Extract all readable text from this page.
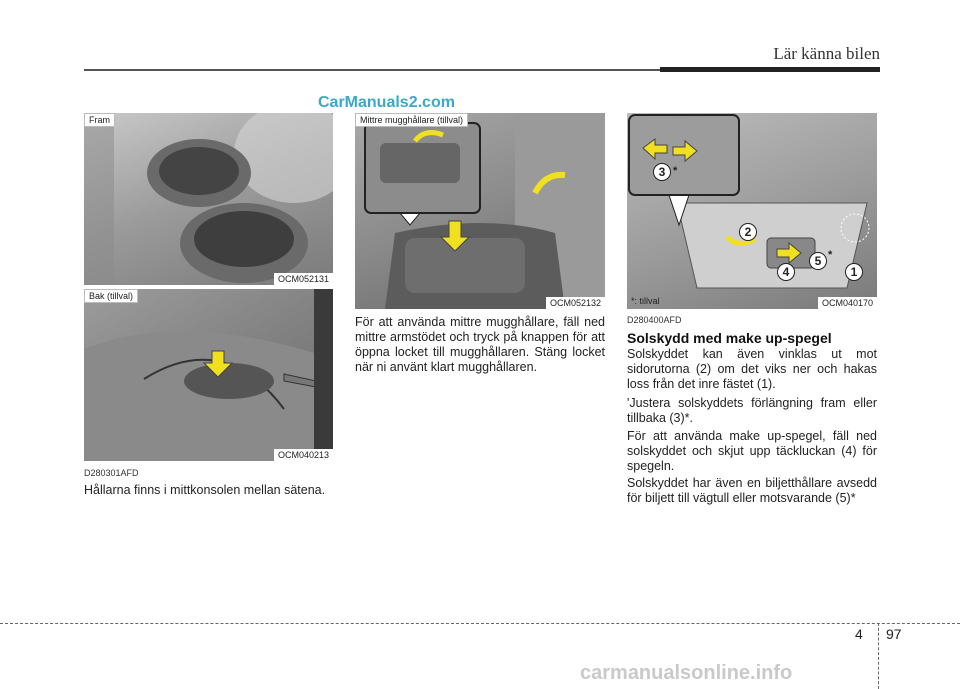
Lär känna bilen
CarManuals2.com
Fram
OCM052131
Bak (tillval)
OCM040213
Mittre mugghållare (tillval)
OCM052132
3 *
2
4
5 *
1
*: tillval	OCM040170
D280301AFD
Hållarna finns i mittkonsolen mellan sätena.
För att använda mittre mugghållare, fäll ned mittre armstödet och tryck på knappen för att öppna locket till mugghållaren. Stäng locket när ni använt klart mugghållaren.
D280400AFD
Solskydd med make up-spegel
Solskyddet kan även vinklas ut mot sidorutorna (2) om det viks ner och hakas loss från det inre fästet (1).
'Justera solskyddets förlängning fram eller tillbaka (3)*.
För att använda make up-spegel, fäll ned solskyddet och skjut upp täckluckan (4) för spegeln.
Solskyddet har även en biljetthållare avsedd för biljett till vägtull eller motsvarande (5)*
4 97
carmanualsonline.info
